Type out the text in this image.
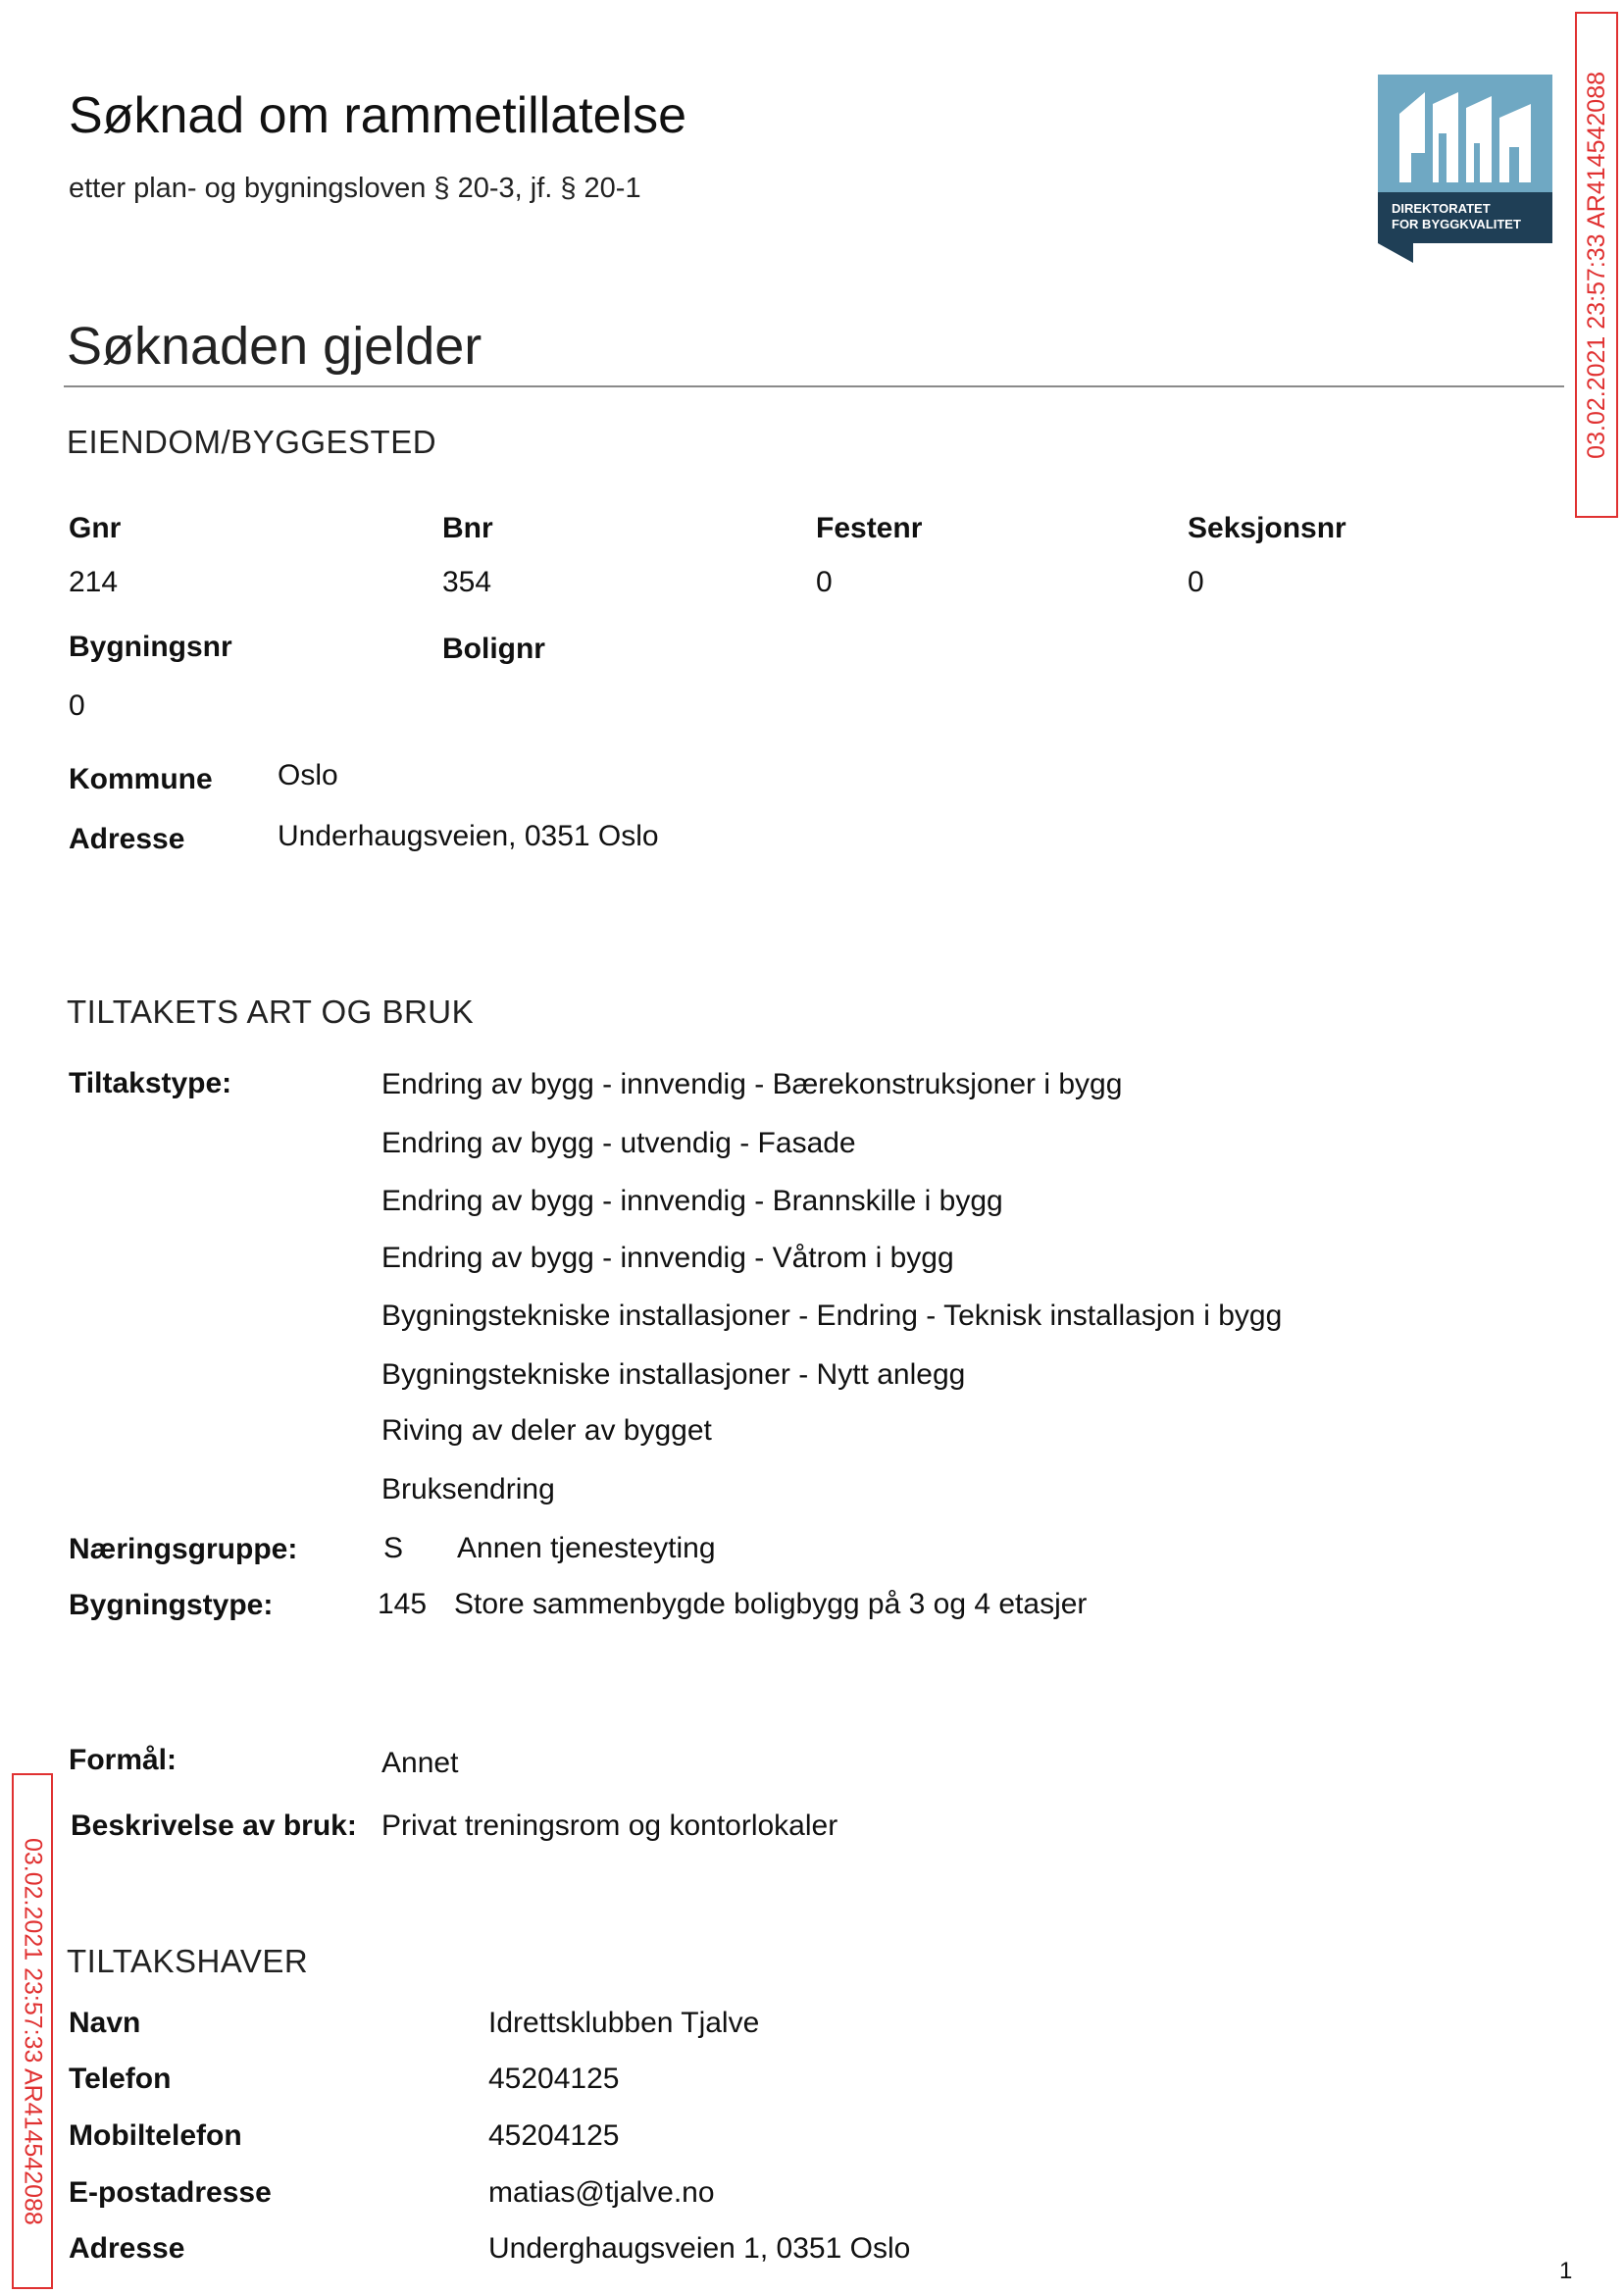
Søknad om rammetillatelse
etter plan- og bygningsloven § 20-3, jf. § 20-1
DIREKTORATET
FOR BYGGKVALITET	03.02.2021 23:57:33 AR414542088
03.02.2021 23:57:33 AR414542088
Søknaden gjelder
EIENDOM/BYGGESTED
Gnr	Bnr	Festenr	Seksjonsnr
214	354	0	0
Bygningsnr	Bolignr
0
Kommune Oslo
Adresse	Underhaugsveien, 0351 Oslo
TILTAKETS ART OG BRUK
Tiltakstype:	Endring av bygg - innvendig - Bærekonstruksjoner i bygg
Endring av bygg - utvendig - Fasade
Endring av bygg - innvendig - Brannskille i bygg
Endring av bygg - innvendig - Våtrom i bygg
Bygningstekniske installasjoner - Endring - Teknisk installasjon i bygg
Bygningstekniske installasjoner - Nytt anlegg
Riving av deler av bygget
Bruksendring
Næringsgruppe:	S Annen tjenesteyting
Bygningstype:	145 Store sammenbygde boligbygg på 3 og 4 etasjer
Formål:	Annet
Beskrivelse av bruk: Privat treningsrom og kontorlokaler
TILTAKSHAVER
Navn	Idrettsklubben Tjalve
Telefon	45204125
Mobiltelefon	45204125
E-postadresse	matias@tjalve.no
Adresse	Underghaugsveien 1, 0351 Oslo
1
